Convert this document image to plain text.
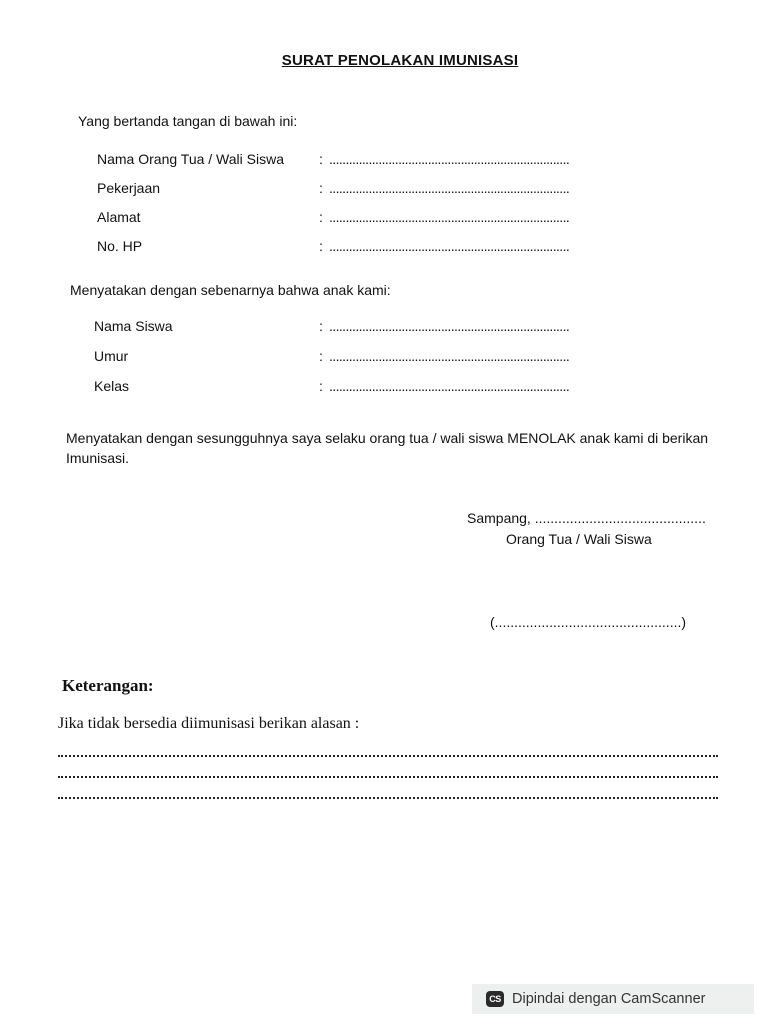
SURAT PENOLAKAN IMUNISASI
Yang bertanda tangan di bawah ini:
Nama Orang Tua / Wali Siswa	: .........................................................................
Pekerjaan	: .........................................................................
Alamat	: .........................................................................
No. HP	: .........................................................................
Menyatakan dengan sebenarnya bahwa anak kami:
Nama Siswa	: .........................................................................
Umur	: .........................................................................
Kelas	: .........................................................................
Menyatakan dengan sesungguhnya saya selaku orang tua / wali siswa MENOLAK anak kami di berikan Imunisasi.
Sampang, ............................................
Orang Tua / Wali Siswa
(................................................)
Keterangan:
Jika tidak bersedia diimunisasi berikan alasan :
CS Dipindai dengan CamScanner
